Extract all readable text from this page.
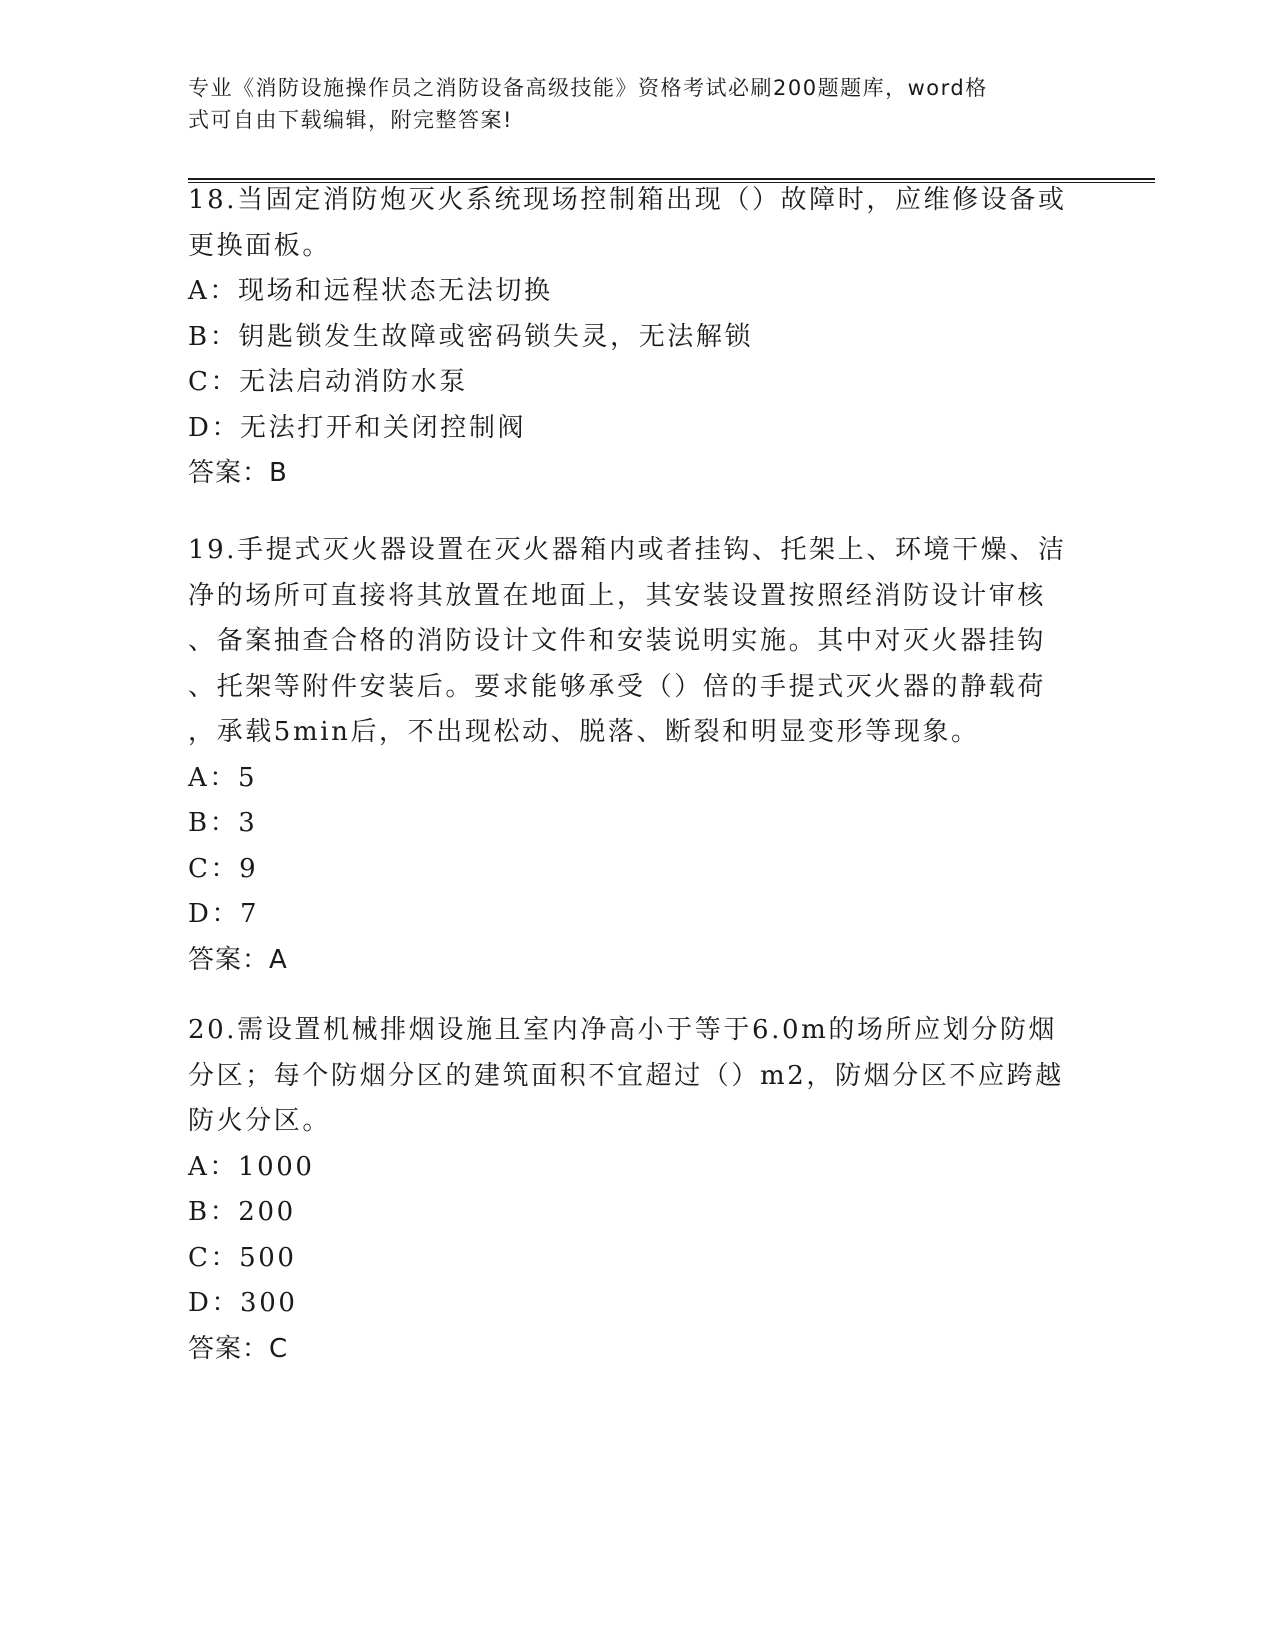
专业《消防设施操作员之消防设备高级技能》资格考试必刷200题题库，word格
式可自由下载编辑，附完整答案!
18.当固定消防炮灭火系统现场控制箱出现（）故障时，应维修设备或
更换面板。
A：现场和远程状态无法切换
B：钥匙锁发生故障或密码锁失灵，无法解锁
C：无法启动消防水泵
D：无法打开和关闭控制阀
答案：B
19.手提式灭火器设置在灭火器箱内或者挂钩、托架上、环境干燥、洁
净的场所可直接将其放置在地面上，其安装设置按照经消防设计审核
、备案抽查合格的消防设计文件和安装说明实施。其中对灭火器挂钩
、托架等附件安装后。要求能够承受（）倍的手提式灭火器的静载荷
，承载5min后，不出现松动、脱落、断裂和明显变形等现象。
A：5
B：3
C：9
D：7
答案：A
20.需设置机械排烟设施且室内净高小于等于6.0m的场所应划分防烟
分区；每个防烟分区的建筑面积不宜超过（）m2，防烟分区不应跨越
防火分区。
A：1000
B：200
C：500
D：300
答案：C
